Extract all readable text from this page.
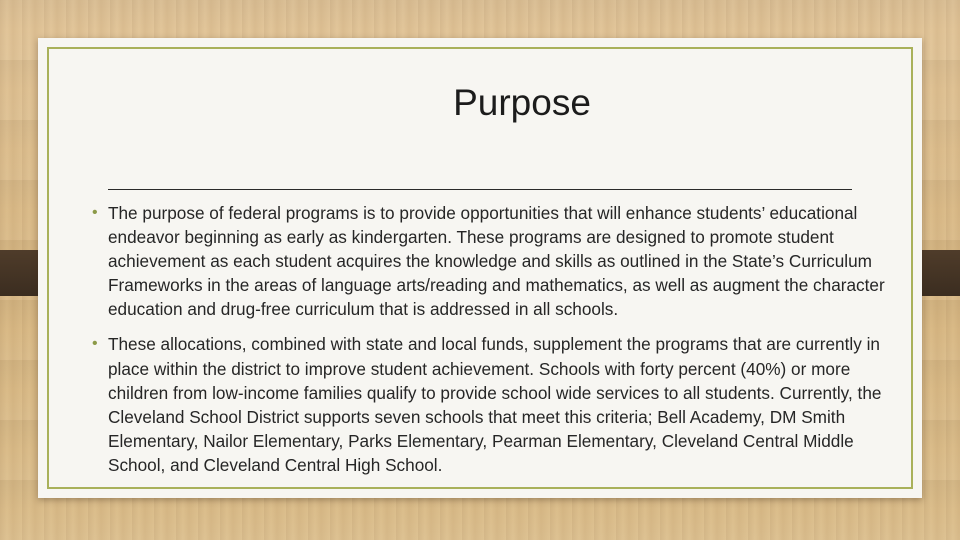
Purpose
• The purpose of federal programs is to provide opportunities that will enhance students’ educational endeavor beginning as early as kindergarten. These programs are designed to promote student achievement as each student acquires the knowledge and skills as outlined in the State’s Curriculum Frameworks in the areas of language arts/reading and mathematics, as well as augment the character education and drug-free curriculum that is addressed in all schools.
• These allocations, combined with state and local funds, supplement the programs that are currently in place within the district to improve student achievement. Schools with forty percent (40%) or more children from low-income families qualify to provide school wide services to all students. Currently, the Cleveland School District supports seven schools that meet this criteria; Bell Academy, DM Smith Elementary, Nailor Elementary, Parks Elementary, Pearman Elementary, Cleveland Central Middle School, and Cleveland Central High School.
